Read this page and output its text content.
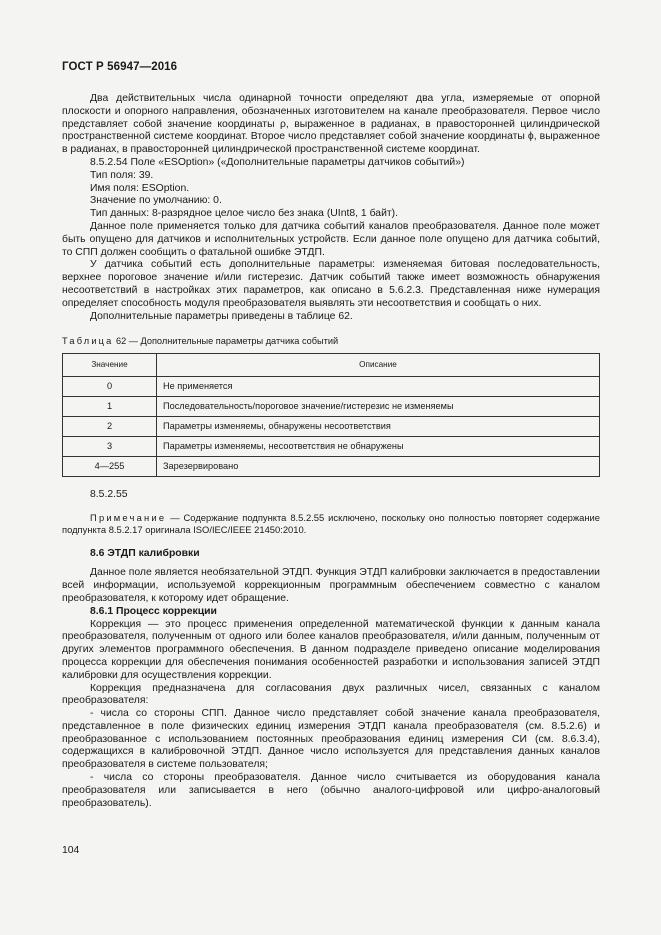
ГОСТ Р 56947—2016

Два действительных числа одинарной точности определяют два угла, измеряемые от опорной плоскости и опорного направления, обозначенных изготовителем на канале преобразователя. Первое число представляет собой значение координаты ρ, выраженное в радианах, в правосторонней цилиндрической пространственной системе координат. Второе число представляет собой значение координаты ϕ, выраженное в радианах, в правосторонней цилиндрической пространственной системе координат.

8.5.2.54 Поле «ESOption» («Дополнительные параметры датчиков событий»)

Тип поля: 39.

Имя поля: ESOption.

Значение по умолчанию: 0.

Тип данных: 8-разрядное целое число без знака (UInt8, 1 байт).

Данное поле применяется только для датчика событий каналов преобразователя. Данное поле может быть опущено для датчиков и исполнительных устройств. Если данное поле опущено для датчика событий, то СПП должен сообщить о фатальной ошибке ЭТДП.

У датчика событий есть дополнительные параметры: изменяемая битовая последовательность, верхнее пороговое значение и/или гистерезис. Датчик событий также имеет возможность обнаружения несоответствий в настройках этих параметров, как описано в 5.6.2.3. Представленная ниже нумерация определяет способность модуля преобразователя выявлять эти несоответствия и сообщать о них.

Дополнительные параметры приведены в таблице 62.

Таблица 62 — Дополнительные параметры датчика событий
Значение	Описание
0	Не применяется
1	Последовательность/пороговое значение/гистерезис не изменяемы
2	Параметры изменяемы, обнаружены несоответствия
3	Параметры изменяемы, несоответствия не обнаружены
4—255	Зарезервировано

8.5.2.55

Примечание — Содержание подпункта 8.5.2.55 исключено, поскольку оно полностью повторяет содержание подпункта 8.5.2.17 оригинала ISO/IEC/IEEE 21450:2010.

8.6 ЭТДП калибровки

Данное поле является необязательной ЭТДП. Функция ЭТДП калибровки заключается в предоставлении всей информации, используемой коррекционным программным обеспечением совместно с каналом преобразователя, к которому идет обращение.

8.6.1 Процесс коррекции

Коррекция — это процесс применения определенной математической функции к данным канала преобразователя, полученным от одного или более каналов преобразователя, и/или данным, полученным от других элементов программного обеспечения. В данном подразделе приведено описание моделирования процесса коррекции для обеспечения понимания особенностей разработки и использования записей ЭТДП калибровки для осуществления коррекции.

Коррекция предназначена для согласования двух различных чисел, связанных с каналом преобразователя:

- числа со стороны СПП. Данное число представляет собой значение канала преобразователя, представленное в поле физических единиц измерения ЭТДП канала преобразователя (см. 8.5.2.6) и преобразованное с использованием постоянных преобразования единиц измерения СИ (см. 8.6.3.4), содержащихся в калибровочной ЭТДП. Данное число используется для представления данных каналов преобразователя в системе пользователя;

- числа со стороны преобразователя. Данное число считывается из оборудования канала преобразователя или записывается в него (обычно аналого-цифровой или цифро-аналоговый преобразователь).

104
